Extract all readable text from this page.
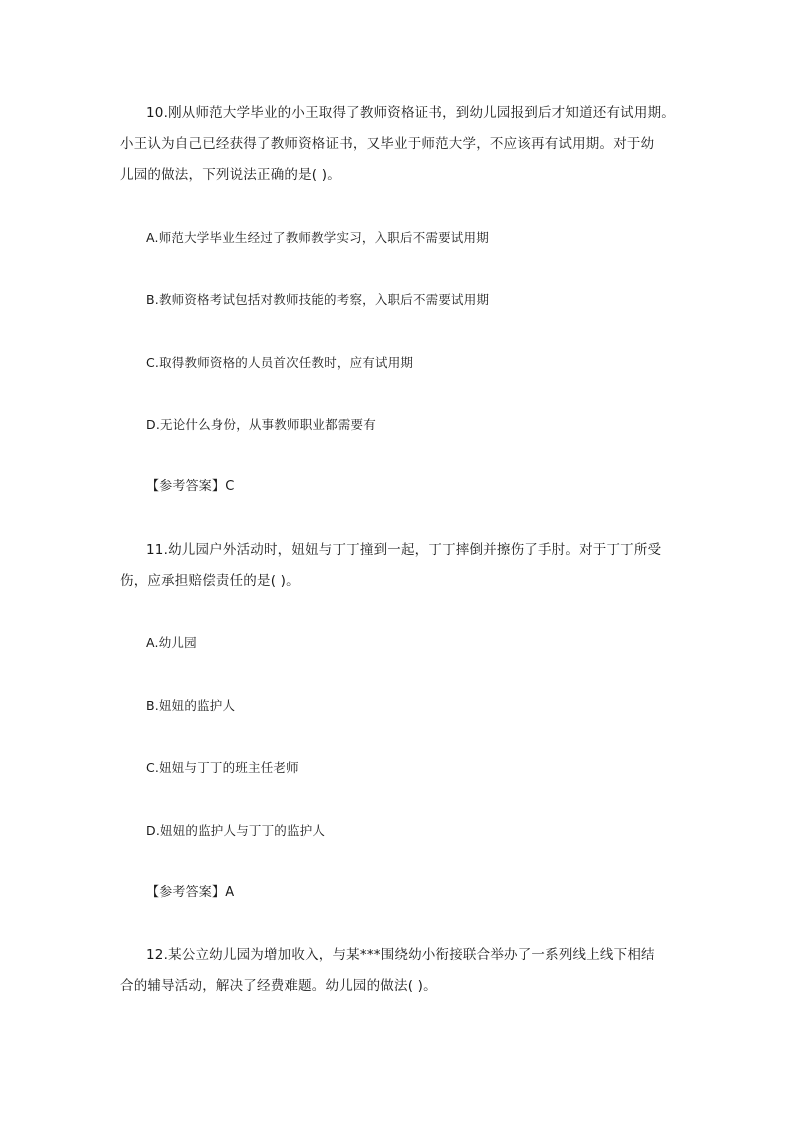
10.刚从师范大学毕业的小王取得了教师资格证书，到幼儿园报到后才知道还有试用期。
小王认为自己已经获得了教师资格证书，又毕业于师范大学，不应该再有试用期。对于幼
儿园的做法，下列说法正确的是( )。
A.师范大学毕业生经过了教师教学实习，入职后不需要试用期
B.教师资格考试包括对教师技能的考察，入职后不需要试用期
C.取得教师资格的人员首次任教时，应有试用期
D.无论什么身份，从事教师职业都需要有
【参考答案】C
11.幼儿园户外活动时，妞妞与丁丁撞到一起，丁丁摔倒并擦伤了手肘。对于丁丁所受
伤，应承担赔偿责任的是( )。
A.幼儿园
B.妞妞的监护人
C.妞妞与丁丁的班主任老师
D.妞妞的监护人与丁丁的监护人
【参考答案】A
12.某公立幼儿园为增加收入，与某***围绕幼小衔接联合举办了一系列线上线下相结
合的辅导活动，解决了经费难题。幼儿园的做法( )。
